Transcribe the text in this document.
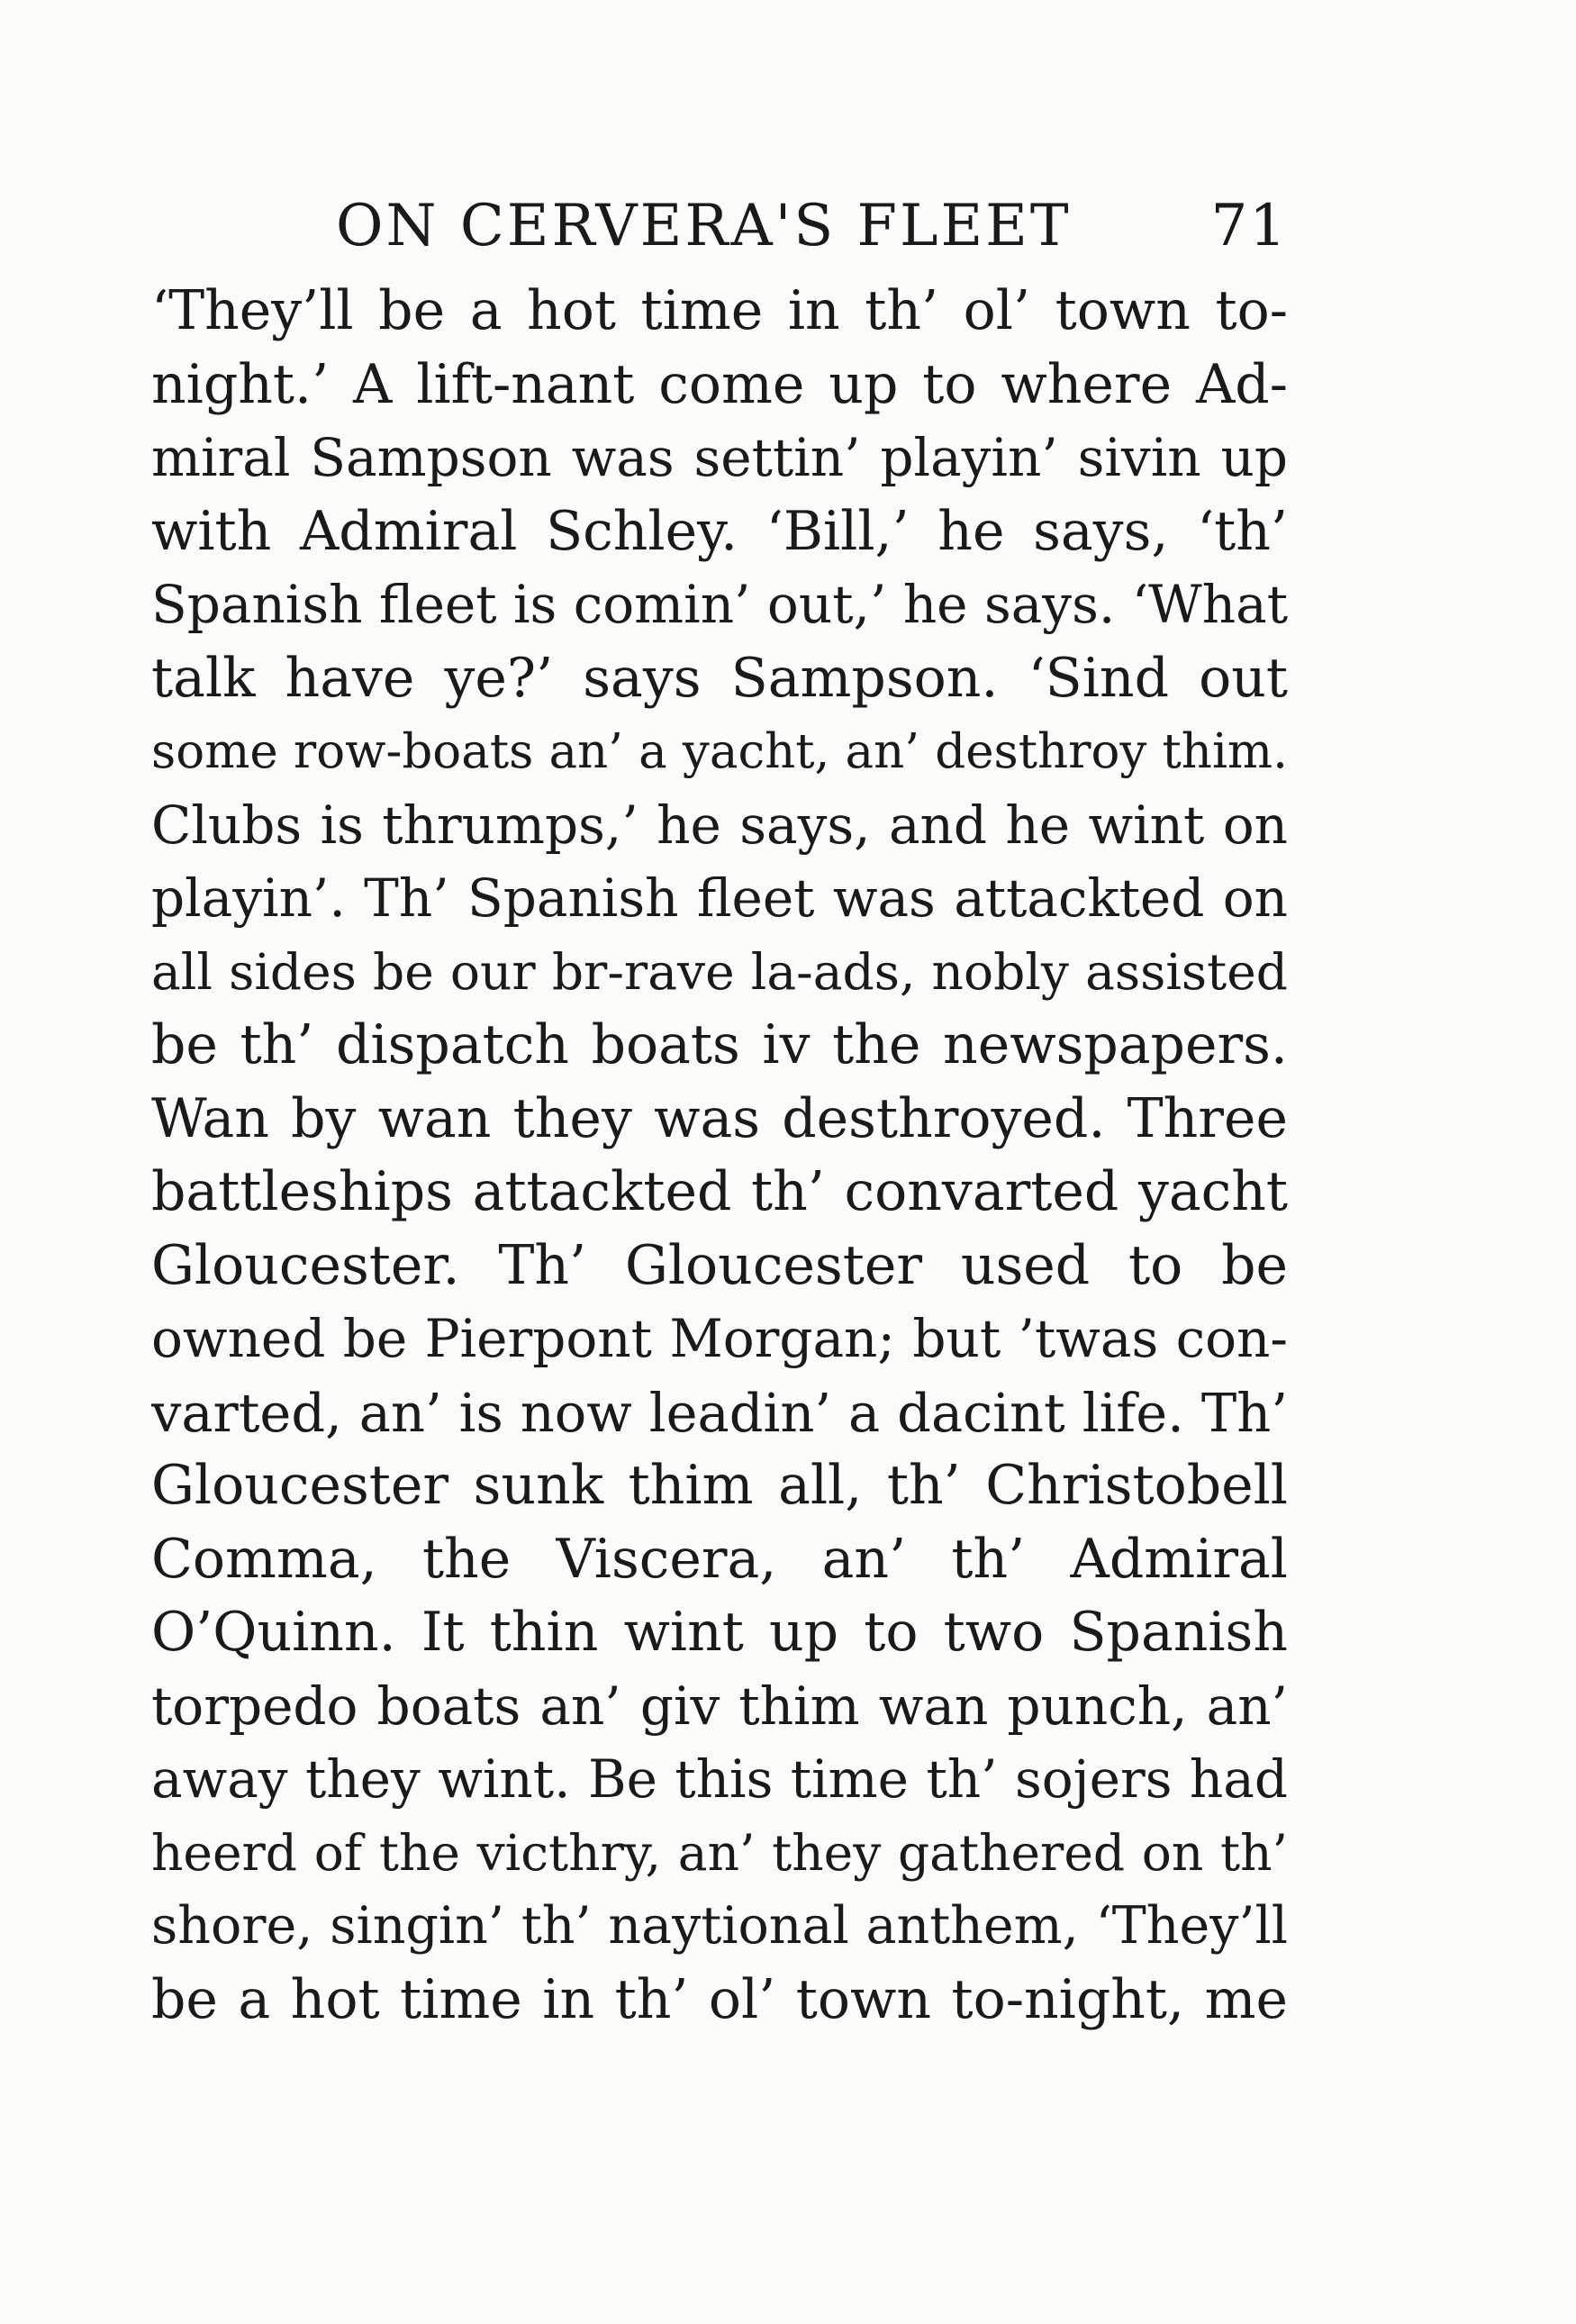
ON CERVERA'S FLEET 71
‘They’ll be a hot time in th’ ol’ town to-
night.’ A lift-nant come up to where Ad-
miral Sampson was settin’ playin’ sivin up
with Admiral Schley. ‘Bill,’ he says, ‘th’
Spanish fleet is comin’ out,’ he says. ‘What
talk have ye?’ says Sampson. ‘Sind out
some row-boats an’ a yacht, an’ desthroy thim.
Clubs is thrumps,’ he says, and he wint on
playin’. Th’ Spanish fleet was attackted on
all sides be our br-rave la-ads, nobly assisted
be th’ dispatch boats iv the newspapers.
Wan by wan they was desthroyed. Three
battleships attackted th’ convarted yacht
Gloucester. Th’ Gloucester used to be
owned be Pierpont Morgan; but ’twas con-
varted, an’ is now leadin’ a dacint life. Th’
Gloucester sunk thim all, th’ Christobell
Comma, the Viscera, an’ th’ Admiral
O’Quinn. It thin wint up to two Spanish
torpedo boats an’ giv thim wan punch, an’
away they wint. Be this time th’ sojers had
heerd of the victhry, an’ they gathered on th’
shore, singin’ th’ naytional anthem, ‘They’ll
be a hot time in th’ ol’ town to-night, me
